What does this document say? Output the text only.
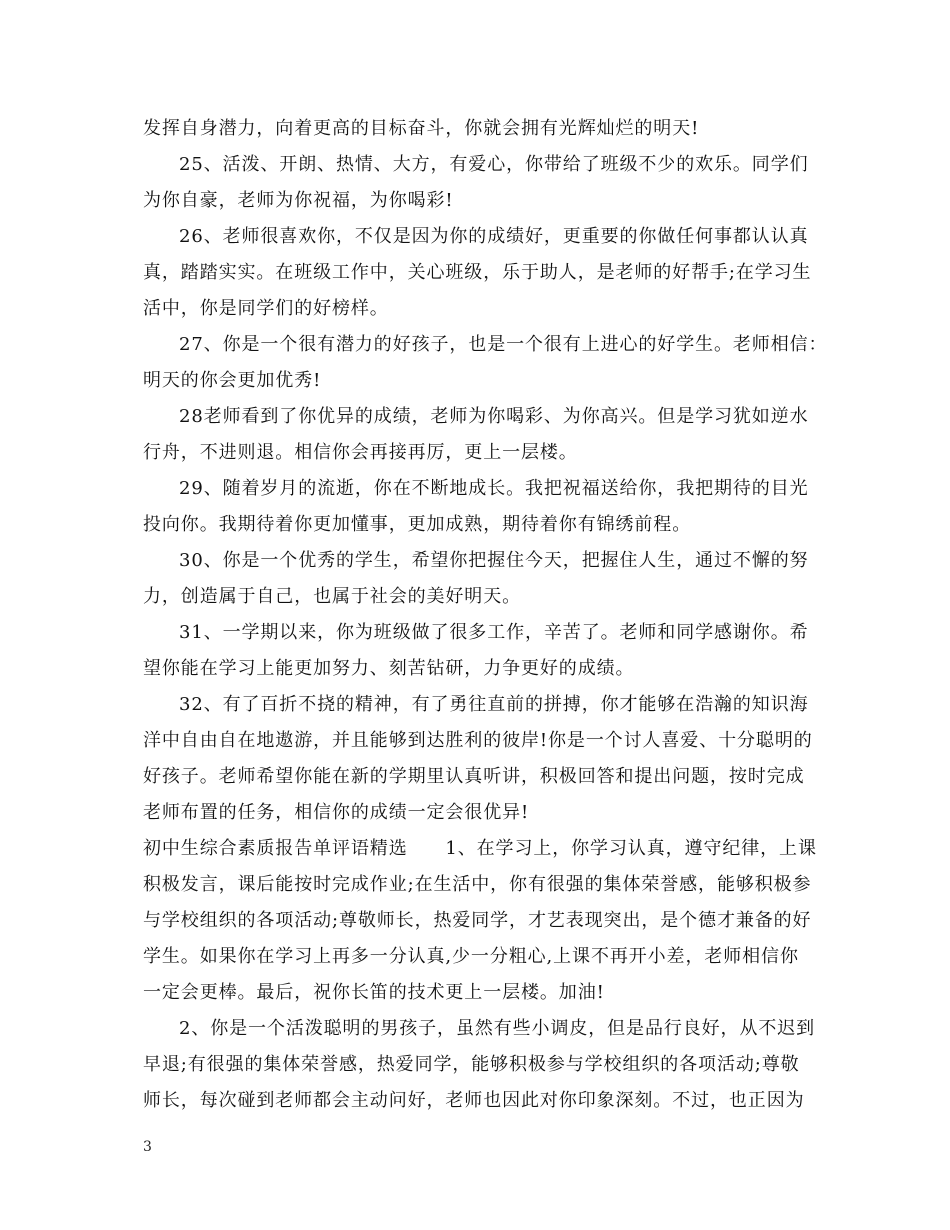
发挥自身潜力，向着更高的目标奋斗，你就会拥有光辉灿烂的明天!
25、活泼、开朗、热情、大方，有爱心，你带给了班级不少的欢乐。同学们
为你自豪，老师为你祝福，为你喝彩!
26、老师很喜欢你，不仅是因为你的成绩好，更重要的你做任何事都认认真
真，踏踏实实。在班级工作中，关心班级，乐于助人，是老师的好帮手;在学习生
活中，你是同学们的好榜样。
27、你是一个很有潜力的好孩子，也是一个很有上进心的好学生。老师相信：
明天的你会更加优秀!
28老师看到了你优异的成绩，老师为你喝彩、为你高兴。但是学习犹如逆水
行舟，不进则退。相信你会再接再厉，更上一层楼。
29、随着岁月的流逝，你在不断地成长。我把祝福送给你，我把期待的目光
投向你。我期待着你更加懂事，更加成熟，期待着你有锦绣前程。
30、你是一个优秀的学生，希望你把握住今天，把握住人生，通过不懈的努
力，创造属于自己，也属于社会的美好明天。
31、一学期以来，你为班级做了很多工作，辛苦了。老师和同学感谢你。希
望你能在学习上能更加努力、刻苦钻研，力争更好的成绩。
32、有了百折不挠的精神，有了勇往直前的拼搏，你才能够在浩瀚的知识海
洋中自由自在地遨游，并且能够到达胜利的彼岸!你是一个讨人喜爱、十分聪明的
好孩子。老师希望你能在新的学期里认真听讲，积极回答和提出问题，按时完成
老师布置的任务，相信你的成绩一定会很优异!
初中生综合素质报告单评语精选　　1、在学习上，你学习认真，遵守纪律，上课
积极发言，课后能按时完成作业;在生活中，你有很强的集体荣誉感，能够积极参
与学校组织的各项活动;尊敬师长，热爱同学，才艺表现突出，是个德才兼备的好
学生。如果你在学习上再多一分认真,少一分粗心,上课不再开小差，老师相信你
一定会更棒。最后，祝你长笛的技术更上一层楼。加油!
2、你是一个活泼聪明的男孩子，虽然有些小调皮，但是品行良好，从不迟到
早退;有很强的集体荣誉感，热爱同学，能够积极参与学校组织的各项活动;尊敬
师长，每次碰到老师都会主动问好，老师也因此对你印象深刻。不过，也正因为
3
